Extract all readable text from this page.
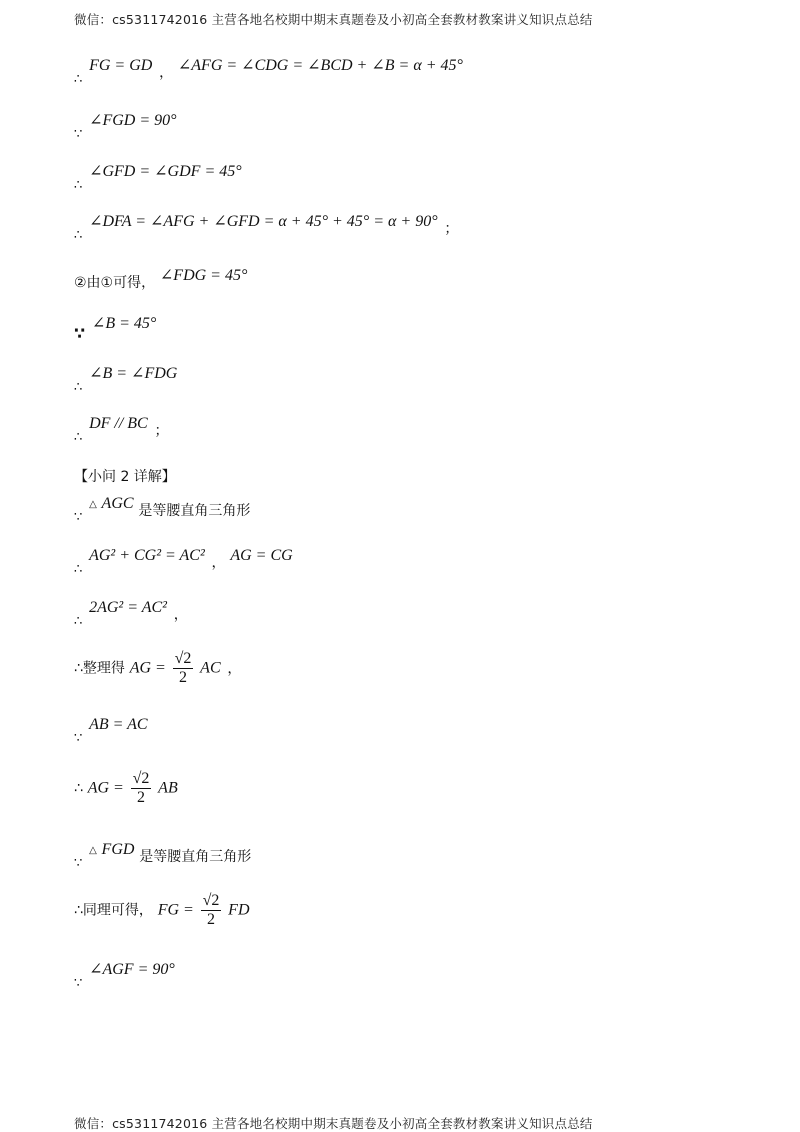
微信：cs5311742016 主营各地名校期中期末真题卷及小初高全套教材教案讲义知识点总结
∴ FG = GD ， ∠AFG = ∠CDG = ∠BCD + ∠B = α + 45°
∵ ∠FGD = 90°
∴ ∠GFD = ∠GDF = 45°
∴ ∠DFA = ∠AFG + ∠GFD = α + 45° + 45° = α + 90° ；
②由①可得， ∠FDG = 45°
∵ ∠B = 45°
∴ ∠B = ∠FDG
∴ DF // BC ；
【小问 2 详解】
∵ △ AGC 是等腰直角三角形
∴ AG² + CG² = AC² ， AG = CG
∴ 2AG² = AC² ，
∴整理得 AG = $\frac{√2}{2}$ AC ，
∵ AB = AC
∴ AG = $\frac{√2}{2}$ AB
∵ △ FGD 是等腰直角三角形
∴同理可得， FG = $\frac{√2}{2}$ FD
∵ ∠AGF = 90°
微信：cs5311742016 主营各地名校期中期末真题卷及小初高全套教材教案讲义知识点总结
